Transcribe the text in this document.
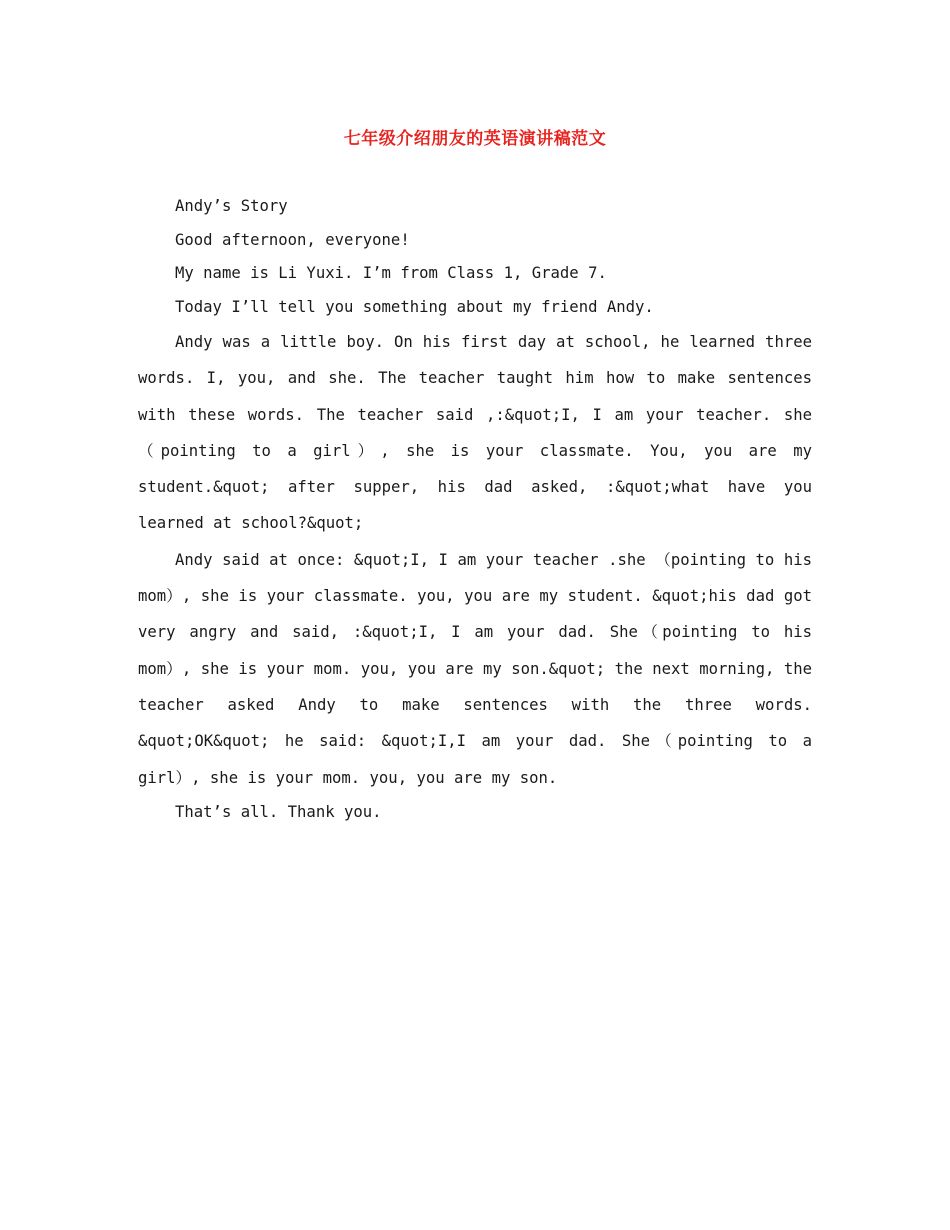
七年级介绍朋友的英语演讲稿范文

Andy’s Story

Good afternoon, everyone!

My name is Li Yuxi. I’m from Class 1, Grade 7.

Today I’ll tell you something about my friend Andy.

Andy was a little boy. On his first day at school, he learned three words. I, you, and she. The teacher taught him how to make sentences with these words. The teacher said ,:&quot;I, I am your teacher. she（pointing to a girl）, she is your classmate. You, you are my student.&quot; after supper, his dad asked, :&quot;what have you learned at school?&quot;

Andy said at once: &quot;I, I am your teacher .she （pointing to his mom）, she is your classmate. you, you are my student. &quot;his dad got very angry and said, :&quot;I, I am your dad. She（pointing to his mom）, she is your mom. you, you are my son.&quot; the next morning, the teacher asked Andy to make sentences with the three words. &quot;OK&quot; he said: &quot;I,I am your dad. She（pointing to a girl）, she is your mom. you, you are my son.

That’s all. Thank you.
